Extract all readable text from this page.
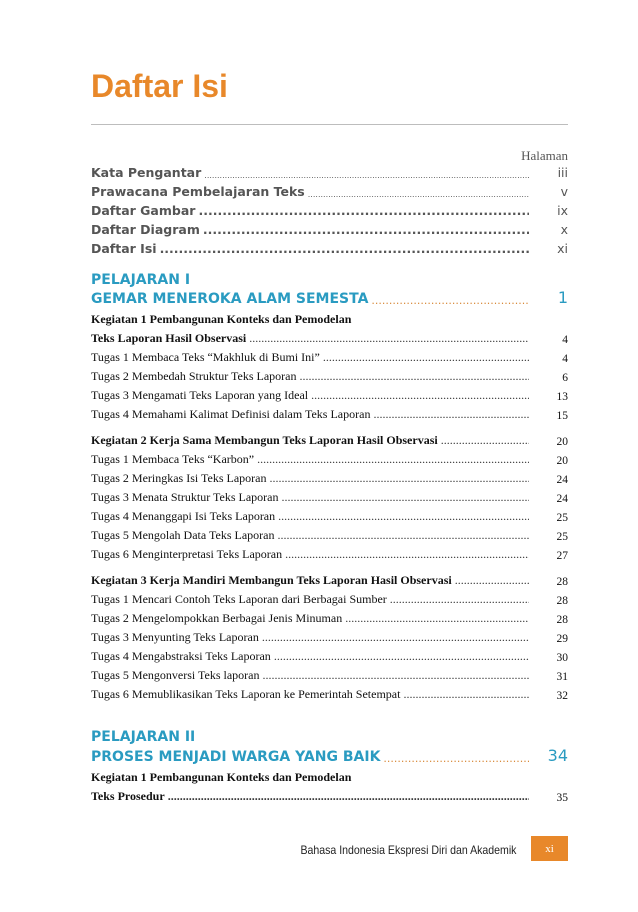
Daftar Isi
Halaman
Kata Pengantar .....	iii
Prawacana Pembelajaran Teks .....	v
Daftar Gambar .....	ix
Daftar Diagram .....	x
Daftar Isi .....	xi
PELAJARAN I
GEMAR MENEROKA ALAM SEMESTA .....	1
Kegiatan 1 Pembangunan Konteks dan Pemodelan
Teks Laporan Hasil Observasi .....	4
Tugas 1 Membaca Teks “Makhluk di Bumi Ini” .....	4
Tugas 2 Membedah Struktur Teks Laporan .....	6
Tugas 3 Mengamati Teks Laporan yang Ideal .....	13
Tugas 4 Memahami Kalimat Definisi dalam Teks Laporan .....	15
Kegiatan 2 Kerja Sama Membangun Teks Laporan Hasil Observasi .....	20
Tugas 1 Membaca Teks “Karbon” .....	20
Tugas 2 Meringkas Isi Teks Laporan .....	24
Tugas 3 Menata Struktur Teks Laporan .....	24
Tugas 4 Menanggapi Isi Teks Laporan .....	25
Tugas 5 Mengolah Data Teks Laporan .....	25
Tugas 6 Menginterpretasi Teks Laporan .....	27
Kegiatan 3 Kerja Mandiri Membangun Teks Laporan Hasil Observasi .....	28
Tugas 1 Mencari Contoh Teks Laporan dari Berbagai Sumber .....	28
Tugas 2 Mengelompokkan Berbagai Jenis Minuman .....	28
Tugas 3 Menyunting Teks Laporan .....	29
Tugas 4 Mengabstraksi Teks Laporan .....	30
Tugas 5 Mengonversi Teks laporan .....	31
Tugas 6 Memublikasikan Teks Laporan ke Pemerintah Setempat .....	32
PELAJARAN II
PROSES MENJADI WARGA YANG BAIK .....	34
Kegiatan 1 Pembangunan Konteks dan Pemodelan
Teks Prosedur .....	35
Bahasa Indonesia Ekspresi Diri dan Akademik	xi
